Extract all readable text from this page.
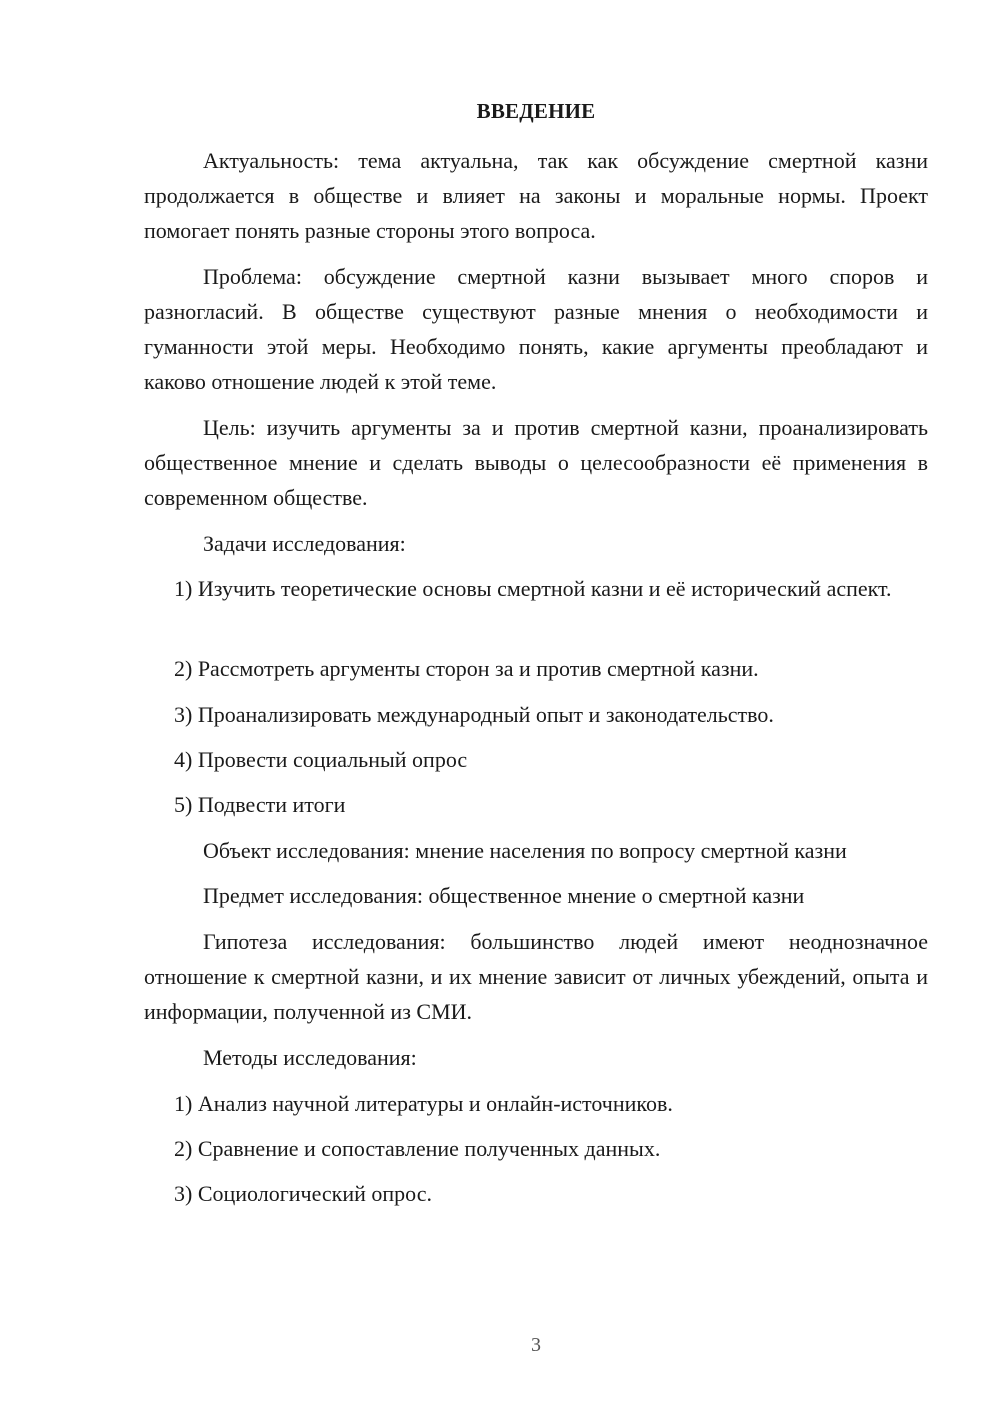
ВВЕДЕНИЕ

Актуальность: тема актуальна, так как обсуждение смертной казни продолжается в обществе и влияет на законы и моральные нормы. Проект помогает понять разные стороны этого вопроса.

Проблема: обсуждение смертной казни вызывает много споров и разногласий. В обществе существуют разные мнения о необходимости и гуманности этой меры. Необходимо понять, какие аргументы преобладают и каково отношение людей к этой теме.

Цель: изучить аргументы за и против смертной казни, проанализировать общественное мнение и сделать выводы о целесообразности её применения в современном обществе.

Задачи исследования:

1) Изучить теоретические основы смертной казни и её исторический аспект.

2) Рассмотреть аргументы сторон за и против смертной казни.

3) Проанализировать международный опыт и законодательство.

4) Провести социальный опрос

5) Подвести итоги

Объект исследования: мнение населения по вопросу смертной казни

Предмет исследования: общественное мнение о смертной казни

Гипотеза исследования: большинство людей имеют неоднозначное отношение к смертной казни, и их мнение зависит от личных убеждений, опыта и информации, полученной из СМИ.

Методы исследования:

1) Анализ научной литературы и онлайн-источников.

2) Сравнение и сопоставление полученных данных.

3) Социологический опрос.

3
